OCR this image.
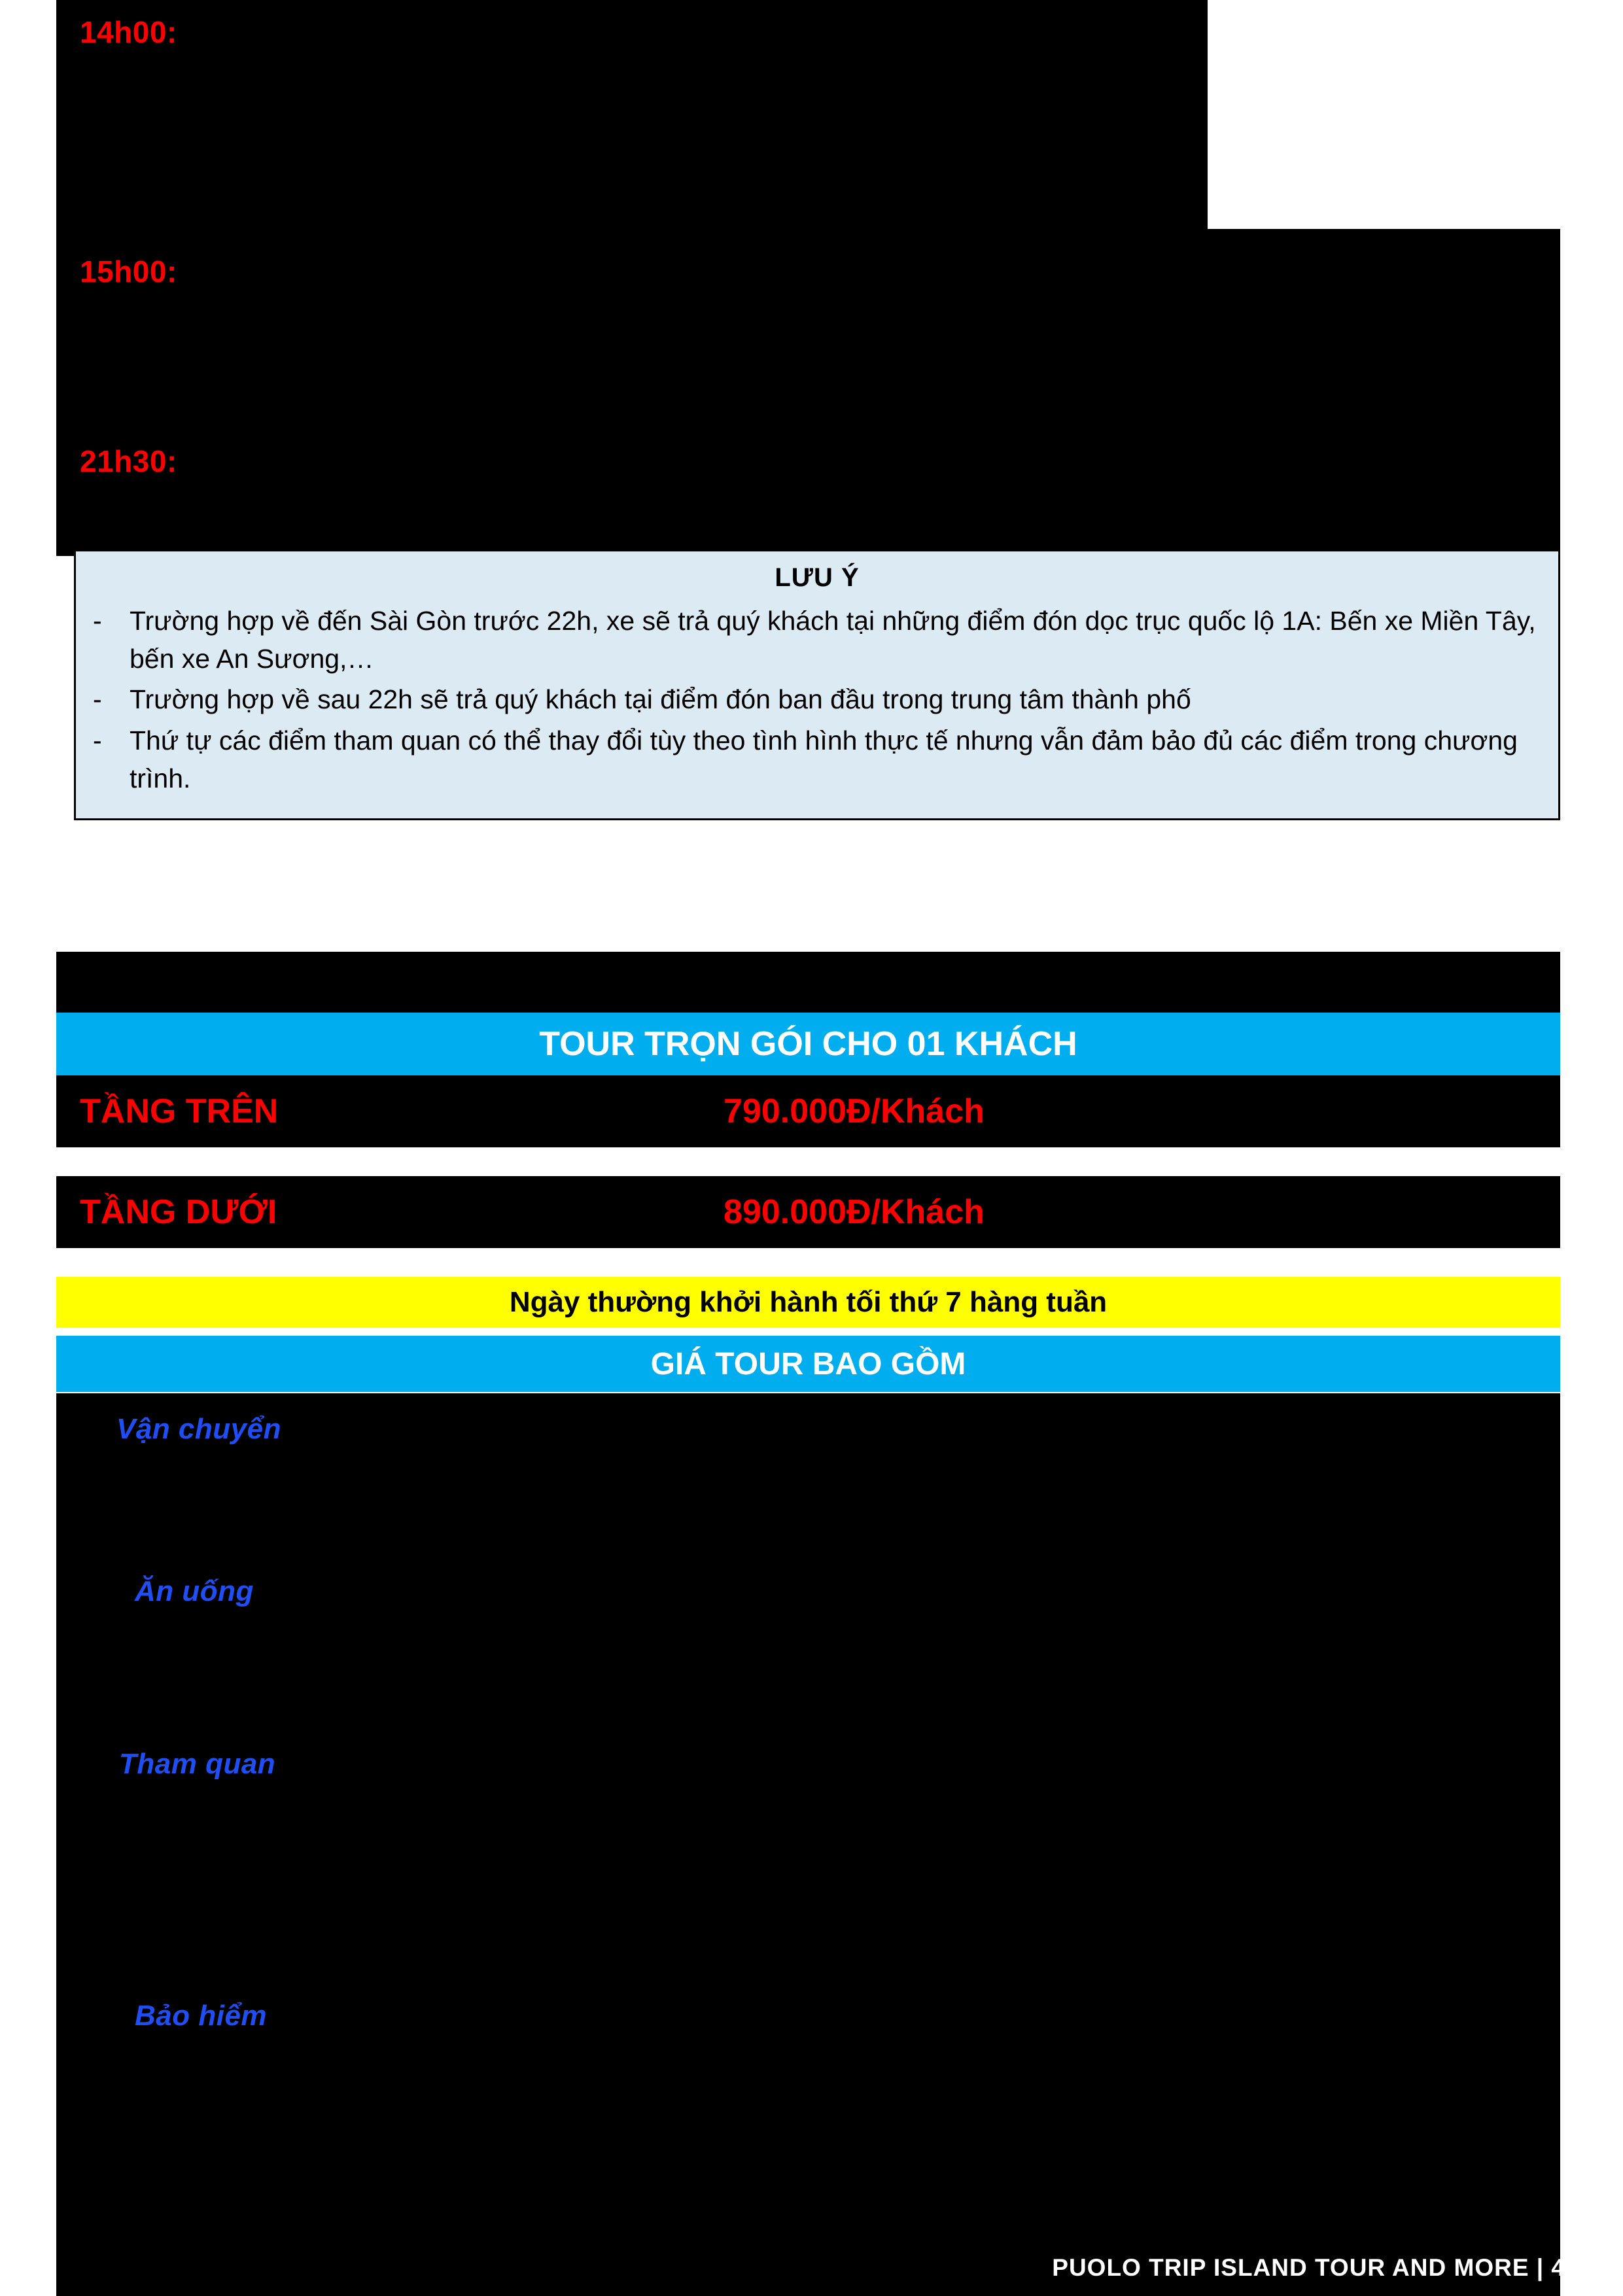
14h00:
15h00:
21h30:
LƯU Ý
-	Trường hợp về đến Sài Gòn trước 22h, xe sẽ trả quý khách tại những điểm đón dọc trục quốc lộ 1A: Bến xe Miền Tây, bến xe An Sương,…
-	Trường hợp về sau 22h sẽ trả quý khách tại điểm đón ban đầu trong trung tâm thành phố
-	Thứ tự các điểm tham quan có thể thay đổi tùy theo tình hình thực tế nhưng vẫn đảm bảo đủ các điểm trong chương trình.
TOUR TRỌN GÓI CHO 01 KHÁCH
TẦNG TRÊN	790.000Đ/Khách
TẦNG DƯỚI	890.000Đ/Khách
Ngày thường khởi hành tối thứ 7 hàng tuần
GIÁ TOUR BAO GỒM
Vận chuyển
Ăn uống
Tham quan
Bảo hiểm
PUOLO TRIP ISLAND TOUR AND MORE | 4
